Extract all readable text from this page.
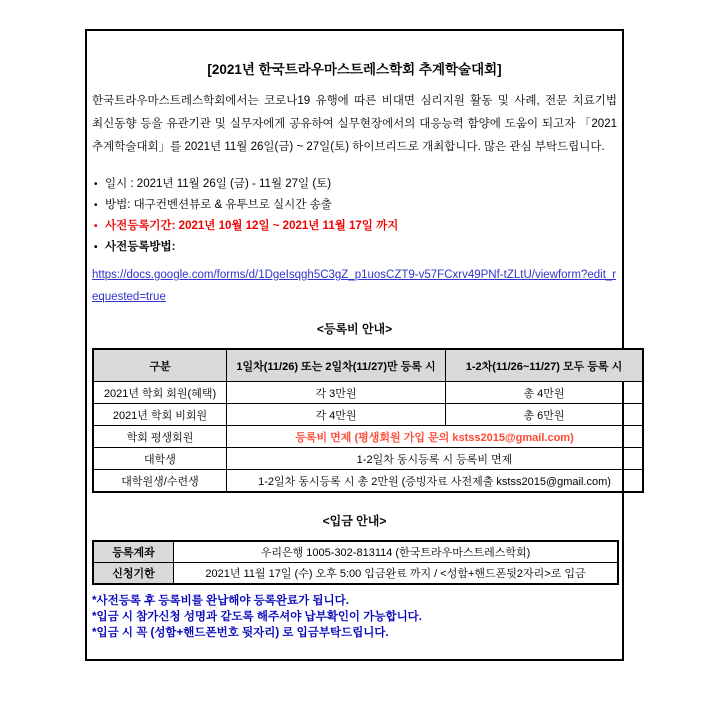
[2021년 한국트라우마스트레스학회 추계학술대회]
한국트라우마스트레스학회에서는 코로나19 유행에 따른 비대면 심리지원 활동 및 사례, 전문 치료기법 최신동향 등을 유관기관 및 실무자에게 공유하여 실무현장에서의 대응능력 함양에 도움이 되고자 「2021 추계학술대회」를 2021년 11월 26일(금) ~ 27일(토) 하이브리드로 개최합니다. 많은 관심 부탁드립니다.
• 일시 : 2021년 11월 26일 (금) - 11월 27일 (토)
• 방법: 대구컨벤션뷰로 & 유투브로 실시간 송출
• 사전등록기간: 2021년 10월 12일 ~ 2021년 11월 17일 까지
• 사전등록방법:
https://docs.google.com/forms/d/1DgeIsqgh5C3gZ_p1uosCZT9-v57FCxrv49PNf-tZLtU/viewform?edit_requested=true
<등록비 안내>
구분	1일차(11/26) 또는 2일차(11/27)만 등록 시	1-2차(11/26~11/27) 모두 등록 시
2021년 학회 회원(혜택)	각 3만원	총 4만원
2021년 학회 비회원	각 4만원	총 6만원
학회 평생회원	등록비 면제 (평생회원 가입 문의 kstss2015@gmail.com)	
대학생	1-2일차 동시등록 시 등록비 면제	
대학원생/수련생	1-2일차 동시등록 시 총 2만원 (증빙자료 사전제출 kstss2015@gmail.com)	
<입금 안내>
등록계좌	우리은행 1005-302-813114 (한국트라우마스트레스학회)
신청기한	2021년 11월 17일 (수) 오후 5:00 입금완료 까지 / <성함+핸드폰뒷2자리>로 입금
*사전등록 후 등록비를 완납해야 등록완료가 됩니다.
*입금 시 참가신청 성명과 같도록 해주셔야 납부확인이 가능합니다.
*입금 시 꼭 (성함+핸드폰번호 뒷자리) 로 입금부탁드립니다.
